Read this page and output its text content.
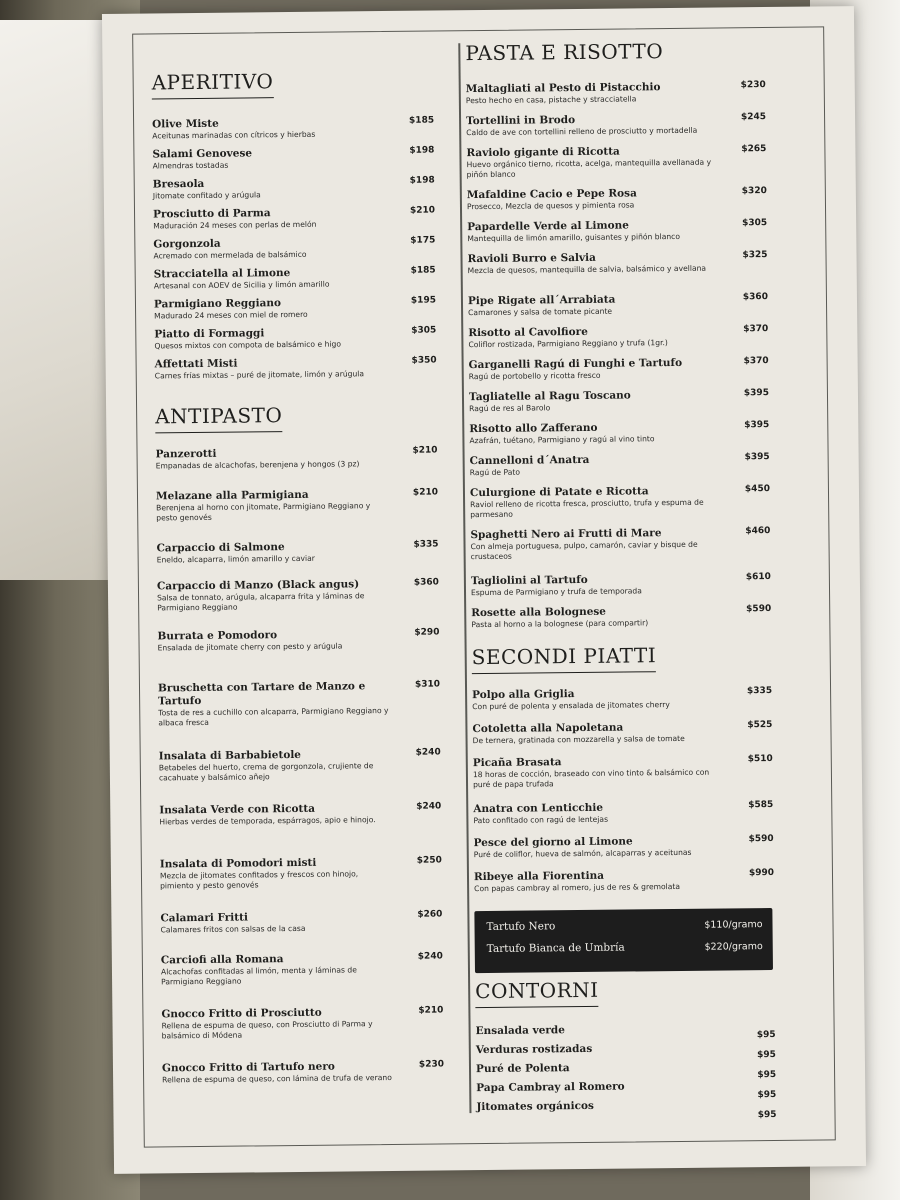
APERITIVO
Olive Miste
Aceitunas marinadas con cítricos y hierbas
$185
Salami Genovese
Almendras tostadas
$198
Bresaola
Jitomate confitado y arúgula
$198
Prosciutto di Parma
Maduración 24 meses con perlas de melón
$210
Gorgonzola
Acremado con mermelada de balsámico
$175
Stracciatella al Limone
Artesanal con AOEV de Sicilia y limón amarillo
$185
Parmigiano Reggiano
Madurado 24 meses con miel de romero
$195
Piatto di Formaggi
Quesos mixtos con compota de balsámico e higo
$305
Affettati Misti
Carnes frías mixtas – puré de jitomate, limón y arúgula
$350
ANTIPASTO
Panzerotti
Empanadas de alcachofas, berenjena y hongos (3 pz)
$210
Melazane alla Parmigiana
Berenjena al horno con jitomate, Parmigiano Reggiano y pesto genovés
$210
Carpaccio di Salmone
Eneldo, alcaparra, limón amarillo y caviar
$335
Carpaccio di Manzo (Black angus)
Salsa de tonnato, arúgula, alcaparra frita y láminas de Parmigiano Reggiano
$360
Burrata e Pomodoro
Ensalada de jitomate cherry con pesto y arúgula
$290
Bruschetta con Tartare de Manzo e Tartufo
Tosta de res a cuchillo con alcaparra, Parmigiano Reggiano y albaca fresca
$310
Insalata di Barbabietole
Betabeles del huerto, crema de gorgonzola, crujiente de cacahuate y balsámico añejo
$240
Insalata Verde con Ricotta
Hierbas verdes de temporada, espárragos, apio e hinojo.
$240
Insalata di Pomodori misti
Mezcla de jitomates confitados y frescos con hinojo, pimiento y pesto genovés
$250
Calamari Fritti
Calamares fritos con salsas de la casa
$260
Carciofi alla Romana
Alcachofas confitadas al limón, menta y láminas de Parmigiano Reggiano
$240
Gnocco Fritto di Prosciutto
Rellena de espuma de queso, con Prosciutto di Parma y balsámico di Módena
$210
Gnocco Fritto di Tartufo nero
Rellena de espuma de queso, con lámina de trufa de verano
$230
PASTA E RISOTTO
Maltagliati al Pesto di Pistacchio
Pesto hecho en casa, pistache y stracciatella
$230
Tortellini in Brodo
Caldo de ave con tortellini relleno de prosciutto y mortadella
$245
Raviolo gigante di Ricotta
Huevo orgánico tierno, ricotta, acelga, mantequilla avellanada y piñón blanco
$265
Mafaldine Cacio e Pepe Rosa
Prosecco, Mezcla de quesos y pimienta rosa
$320
Papardelle Verde al Limone
Mantequilla de limón amarillo, guisantes y piñón blanco
$305
Ravioli Burro e Salvia
Mezcla de quesos, mantequilla de salvia, balsámico y avellana
$325
Pipe Rigate all´Arrabiata
Camarones y salsa de tomate picante
$360
Risotto al Cavolfiore
Coliflor rostizada, Parmigiano Reggiano y trufa (1gr.)
$370
Garganelli Ragú di Funghi e Tartufo
Ragú de portobello y ricotta fresco
$370
Tagliatelle al Ragu Toscano
Ragú de res al Barolo
$395
Risotto allo Zafferano
Azafrán, tuétano, Parmigiano y ragú al vino tinto
$395
Cannelloni d´Anatra
Ragú de Pato
$395
Culurgione di Patate e Ricotta
Raviol relleno de ricotta fresca, prosciutto, trufa y espuma de parmesano
$450
Spaghetti Nero ai Frutti di Mare
Con almeja portuguesa, pulpo, camarón, caviar y bisque de crustaceos
$460
Tagliolini al Tartufo
Espuma de Parmigiano y trufa de temporada
$610
Rosette alla Bolognese
Pasta al horno a la bolognese (para compartir)
$590
SECONDI PIATTI
Polpo alla Griglia
Con puré de polenta y ensalada de jitomates cherry
$335
Cotoletta alla Napoletana
De ternera, gratinada con mozzarella y salsa de tomate
$525
Picaña Brasata
18 horas de cocción, braseado con vino tinto & balsámico con puré de papa trufada
$510
Anatra con Lenticchie
Pato confitado con ragú de lentejas
$585
Pesce del giorno al Limone
Puré de coliflor, hueva de salmón, alcaparras y aceitunas
$590
Ribeye alla Fiorentina
Con papas cambray al romero, jus de res & gremolata
$990
Tartufo Nero	$110/gramo
Tartufo Bianca de Umbría	$220/gramo
CONTORNI
Ensalada verde
Verduras rostizadas
Puré de Polenta
Papa Cambray al Romero
Jitomates orgánicos
$95
$95
$95
$95
$95
